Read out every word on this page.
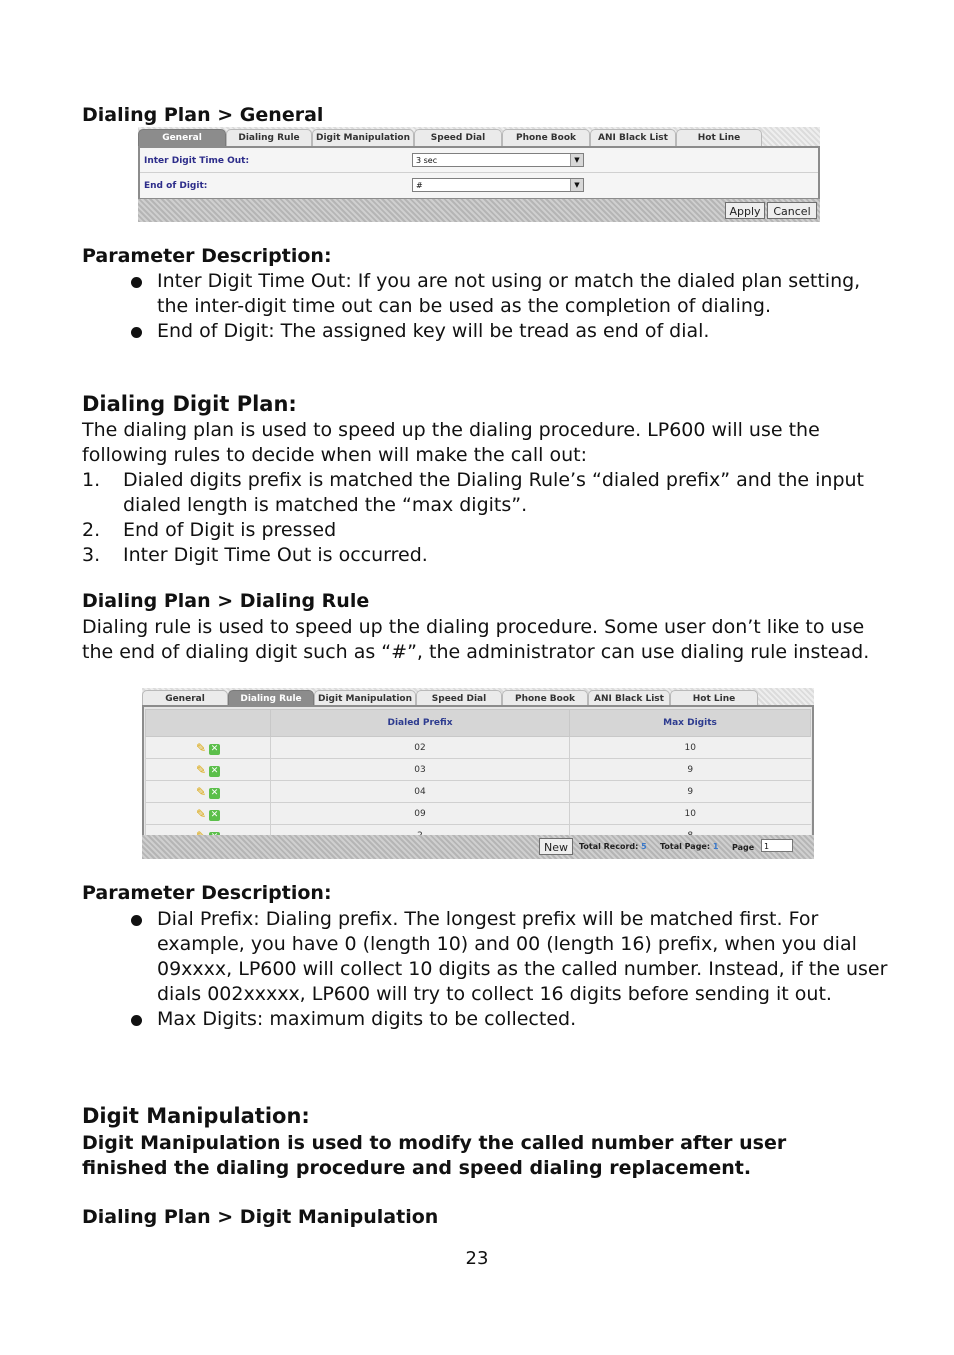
Dialing Plan > General
General	Dialing Rule	Digit Manipulation	Speed Dial	Phone Book	ANI Black List	Hot Line
Inter Digit Time Out:	3 sec	▼
End of Digit:	#	▼
Apply	Cancel
Parameter Description:
Inter Digit Time Out: If you are not using or match the dialed plan setting, the inter-digit time out can be used as the completion of dialing.
End of Digit: The assigned key will be tread as end of dial.
Dialing Digit Plan:
The dialing plan is used to speed up the dialing procedure. LP600 will use the following rules to decide when will make the call out:
1. Dialed digits prefix is matched the Dialing Rule’s “dialed prefix” and the input dialed length is matched the “max digits”.
2. End of Digit is pressed
3. Inter Digit Time Out is occurred.
Dialing Plan > Dialing Rule
Dialing rule is used to speed up the dialing procedure. Some user don’t like to use the end of dialing digit such as “#”, the administrator can use dialing rule instead.
General	Dialing Rule	Digit Manipulation	Speed Dial	Phone Book	ANI Black List	Hot Line
	Dialed Prefix	Max Digits
✎ ✕	02	10
✎ ✕	03	9
✎ ✕	04	9
✎ ✕	09	10

New	Total Record: 5 Total Page: 1 Page	1
Parameter Description:
Dial Prefix: Dialing prefix. The longest prefix will be matched first. For example, you have 0 (length 10) and 00 (length 16) prefix, when you dial 09xxxx, LP600 will collect 10 digits as the called number. Instead, if the user dials 002xxxxx, LP600 will try to collect 16 digits before sending it out.
Max Digits: maximum digits to be collected.
Digit Manipulation:
Digit Manipulation is used to modify the called number after user finished the dialing procedure and speed dialing replacement.
Dialing Plan > Digit Manipulation
23
